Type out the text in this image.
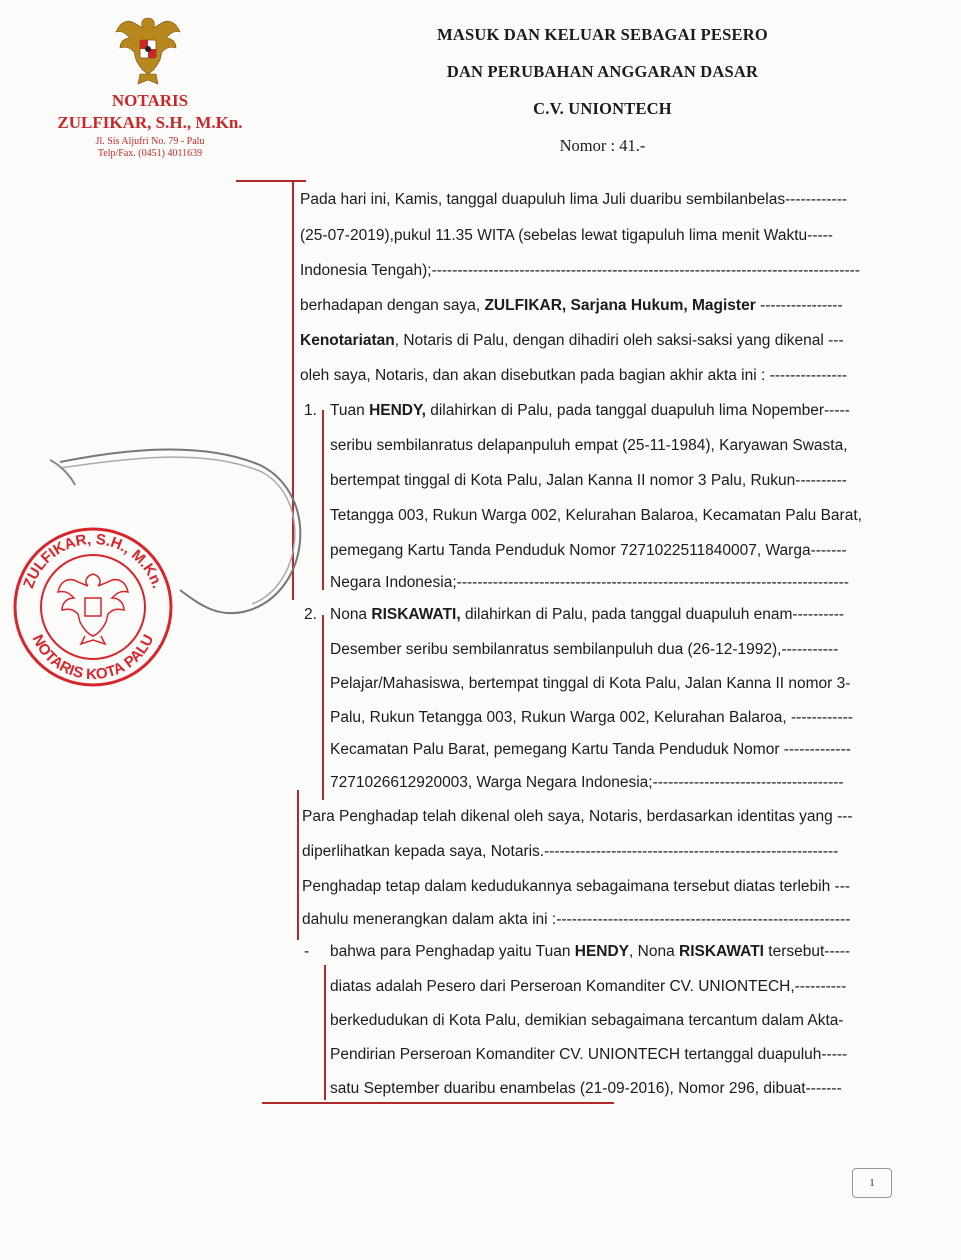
NOTARIS
ZULFIKAR, S.H., M.Kn.
Jl. Sis Aljufri No. 79 - Palu
Telp/Fax. (0451) 4011639
MASUK DAN KELUAR SEBAGAI PESERO
DAN PERUBAHAN ANGGARAN DASAR
C.V. UNIONTECH
Nomor : 41.-
Pada hari ini, Kamis, tanggal duapuluh lima Juli duaribu sembilanbelas------------
(25-07-2019),pukul 11.35 WITA (sebelas lewat tigapuluh lima menit Waktu-----
Indonesia Tengah);-----------------------------------------------------------------------------------
berhadapan dengan saya, ZULFIKAR, Sarjana Hukum, Magister ----------------
Kenotariatan, Notaris di Palu, dengan dihadiri oleh saksi-saksi yang dikenal ---
oleh saya, Notaris, dan akan disebutkan pada bagian akhir akta ini : ---------------
1. Tuan HENDY, dilahirkan di Palu, pada tanggal duapuluh lima Nopember-----
seribu sembilanratus delapanpuluh empat (25-11-1984), Karyawan Swasta,
bertempat tinggal di Kota Palu, Jalan Kanna II nomor 3 Palu, Rukun----------
Tetangga 003, Rukun Warga 002, Kelurahan Balaroa, Kecamatan Palu Barat,
pemegang Kartu Tanda Penduduk Nomor 7271022511840007, Warga-------
Negara Indonesia;----------------------------------------------------------------------------
2. Nona RISKAWATI, dilahirkan di Palu, pada tanggal duapuluh enam----------
Desember seribu sembilanratus sembilanpuluh dua (26-12-1992),-----------
Pelajar/Mahasiswa, bertempat tinggal di Kota Palu, Jalan Kanna II nomor 3-
Palu, Rukun Tetangga 003, Rukun Warga 002, Kelurahan Balaroa, ------------
Kecamatan Palu Barat, pemegang Kartu Tanda Penduduk Nomor -------------
7271026612920003, Warga Negara Indonesia;-------------------------------------
Para Penghadap telah dikenal oleh saya, Notaris, berdasarkan identitas yang ---
diperlihatkan kepada saya, Notaris.---------------------------------------------------------
Penghadap tetap dalam kedudukannya sebagaimana tersebut diatas terlebih ---
dahulu menerangkan dalam akta ini :---------------------------------------------------------
- bahwa para Penghadap yaitu Tuan HENDY, Nona RISKAWATI tersebut-----
diatas adalah Pesero dari Perseroan Komanditer CV. UNIONTECH,----------
berkedudukan di Kota Palu, demikian sebagaimana tercantum dalam Akta-
Pendirian Perseroan Komanditer CV. UNIONTECH tertanggal duapuluh-----
satu September duaribu enambelas (21-09-2016), Nomor 296, dibuat-------
ZULFIKAR, S.H., M.Kn.
NOTARIS KOTA PALU
1
